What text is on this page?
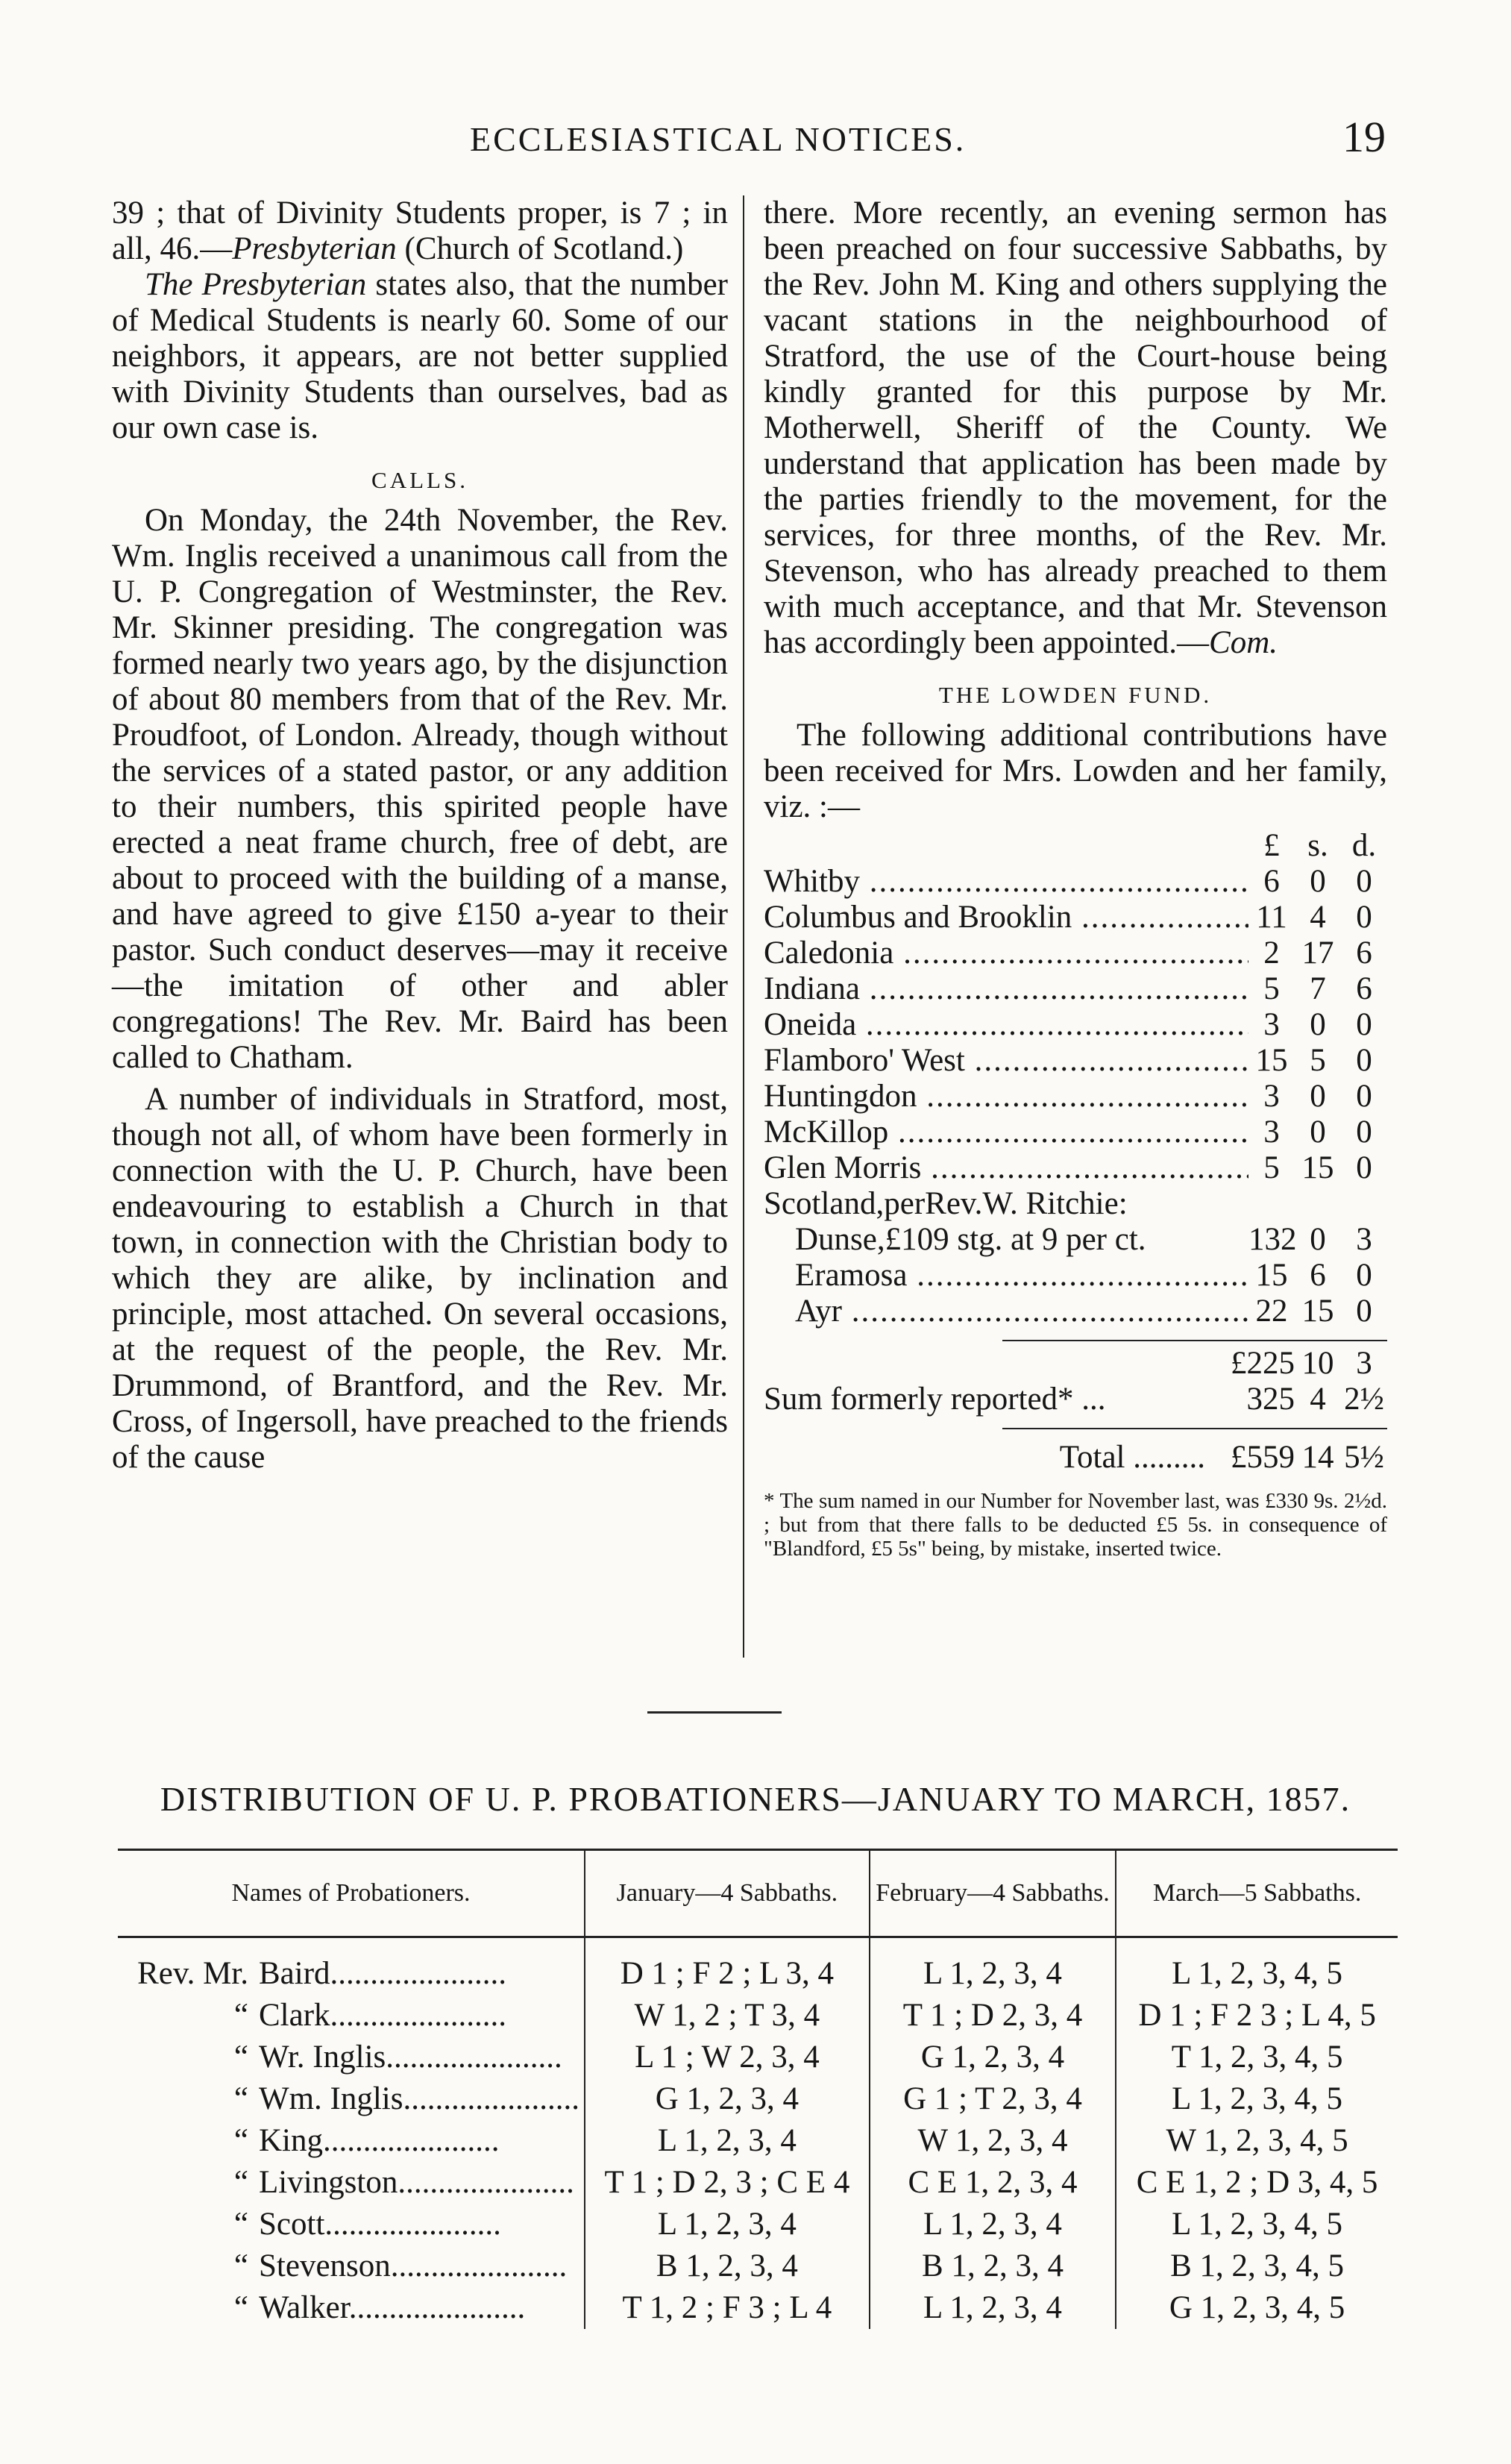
ECCLESIASTICAL NOTICES.	19

39 ; that of Divinity Students proper, is 7 ; in all, 46.—Presbyterian (Church of Scotland.)

The Presbyterian states also, that the number of Medical Students is nearly 60. Some of our neighbors, it appears, are not better supplied with Divinity Students than ourselves, bad as our own case is.

CALLS.

On Monday, the 24th November, the Rev. Wm. Inglis received a unanimous call from the U. P. Congregation of Westminster, the Rev. Mr. Skinner presiding. The congregation was formed nearly two years ago, by the disjunction of about 80 members from that of the Rev. Mr. Proudfoot, of London. Already, though without the services of a stated pastor, or any addition to their numbers, this spirited people have erected a neat frame church, free of debt, are about to proceed with the building of a manse, and have agreed to give £150 a-year to their pastor. Such conduct deserves—may it receive—the imitation of other and abler congregations! The Rev. Mr. Baird has been called to Chatham.

A number of individuals in Stratford, most, though not all, of whom have been formerly in connection with the U. P. Church, have been endeavouring to establish a Church in that town, in connection with the Christian body to which they are alike, by inclination and principle, most attached. On several occasions, at the request of the people, the Rev. Mr. Drummond, of Brantford, and the Rev. Mr. Cross, of Ingersoll, have preached to the friends of the cause

there. More recently, an evening sermon has been preached on four successive Sabbaths, by the Rev. John M. King and others supplying the vacant stations in the neighbourhood of Stratford, the use of the Court-house being kindly granted for this purpose by Mr. Motherwell, Sheriff of the County. We understand that application has been made by the parties friendly to the movement, for the services, for three months, of the Rev. Mr. Stevenson, who has already preached to them with much acceptance, and that Mr. Stevenson has accordingly been appointed.—Com.

THE LOWDEN FUND.

The following additional contributions have been received for Mrs. Lowden and her family, viz. :—

£ s. d.
Whitby .....	6 0 0
Columbus and Brooklin .....	11 4 0
Caledonia .....	2 17 6
Indiana .....	5 7 6
Oneida .....	3 0 0
Flamboro' West .....	15 5 0
Huntingdon .....	3 0 0
McKillop .....	3 0 0
Glen Morris .....	5 15 0
Scotland,perRev.W. Ritchie:
Dunse,£109 stg. at 9 per ct.	132 0 3
Eramosa .....	15 6 0
Ayr .....	22 15 0
£225 10 3
Sum formerly reported* ...	325 4 2½
Total ......... £559 14 5½
* The sum named in our Number for November last, was £330 9s. 2½d. ; but from that there falls to be deducted £5 5s. in consequence of "Blandford, £5 5s" being, by mistake, inserted twice.
DISTRIBUTION OF U. P. PROBATIONERS—JANUARY TO MARCH, 1857.
Names of Probationers.	January—4 Sabbaths.	February—4 Sabbaths.	March—5 Sabbaths.

Rev. Mr. Baird .....	D 1 ; F 2 ; L 3, 4	L 1, 2, 3, 4	L 1, 2, 3, 4, 5

“ Clark .....	W 1, 2 ; T 3, 4	T 1 ; D 2, 3, 4	D 1 ; F 2 3 ; L 4, 5

“ Wr. Inglis .....	L 1 ; W 2, 3, 4	G 1, 2, 3, 4	T 1, 2, 3, 4, 5

“ Wm. Inglis .....	G 1, 2, 3, 4	G 1 ; T 2, 3, 4	L 1, 2, 3, 4, 5

“ King .....	L 1, 2, 3, 4	W 1, 2, 3, 4	W 1, 2, 3, 4, 5

“ Livingston .....	T 1 ; D 2, 3 ; C E 4	C E 1, 2, 3, 4	C E 1, 2 ; D 3, 4, 5

“ Scott .....	L 1, 2, 3, 4	L 1, 2, 3, 4	L 1, 2, 3, 4, 5

“ Stevenson .....	B 1, 2, 3, 4	B 1, 2, 3, 4	B 1, 2, 3, 4, 5

“ Walker .....	T 1, 2 ; F 3 ; L 4	L 1, 2, 3, 4	G 1, 2, 3, 4, 5
